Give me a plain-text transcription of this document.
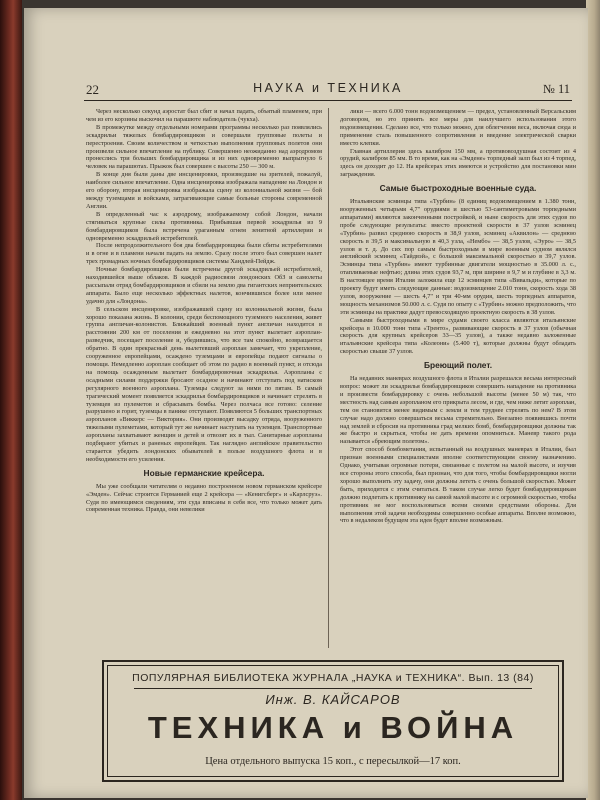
22	НАУКА и ТЕХНИКА	№ 11

Через несколько секунд аэростат был сбит и начал падать, объятый пламенем, при чем из его корзины выскочил на парашюте наблюдатель (чукха).

В промежутке между отдельными номерами программы несколько раз появлялись эскадрильи тяжелых бомбардировщиков и совершали групповые полеты и перестроения. Своим количеством и четкостью выполнения групповых полетов они произвели сильное впечатление на публику. Совершенно неожиданно над аэродромом пронеслись три больших бомбардировщика и из них одновременно выпрыгнуло 6 человек на парашютах. Прыжок был совершен с высоты 250 — 300 м.

В конце дня были даны две инсценировки, произведшие на зрителей, пожалуй, наиболее сильное впечатление. Одна инсценировка изображала нападение на Лондон и его оборону, вторая инсценировка изображала сцену из колониальной жизни — бой между туземцами и войсками, затрагивающие самые больные стороны современной Англии.

В определенный час к аэродрому, изображаемому собой Лондон, начали стягиваться крупные силы противника. Прибывшая первой эскадрилья из 9 бомбардировщиков была встречена ураганным огнем зенитной артиллерии и одновременно эскадрильей истребителей.

После непродолжительного боя два бомбардировщика были сбиты истребителями и в огне и в пламени начали падать на землю. Сразу после этого был совершен налет трех громадных ночных бомбардировщиков системы Хандлей-Пейдж.

Ночные бомбардировщики были встречены другой эскадрильей истребителей, находившейся выше облаков. В каждой радиосвязи лондонских ОбЗ и самолеты рассыпали отряд бомбардировщиков и сбили на землю два гигантских неприятельских аппарата. Было еще несколько эффектных налетов, кончившихся более или менее удачно для «Лондона».

В сельском инсценировке, изображавшей сцену из колониальной жизни, была хорошо показана жизнь. В колонии, среди беспомощного туземного населения, живет группа англичан-колонистов. Ближайший военный пункт англичан находится в расстоянии 200 км от поселения и ежедневно на этот пункт вылетает аэроплан-разведчик, посещает поселение и, убедившись, что все там спокойно, возвращается обратно. В один прекрасный день вылетевший аэроплан замечает, что укрепление, сооруженное европейцами, осаждено туземцами и европейцы подают сигналы о помощи. Немедленно аэроплан сообщает об этом по радио в военный пункт, и отсюда на помощь осажденным вылетает бомбардировочная эскадрилья. Аэропланы с осадными силами поддержки бросают осадное и начинают отступать под натиском регулярного военного аэроплана. Туземцы следуют за ними по пятам. В самый трагический момент появляется эскадрилья бомбардировщиков и начинает стрелять в туземцев из пулеметов и сбрасывать бомбы. Через полчаса все готово: селение разрушено и горит, туземцы в панике отступают. Появляются 5 больших транспортных аэропланов «Виккерс — Виктория». Они производят высадку отряда, вооруженного тяжелыми пулеметами, который тут же начинает наступать на туземцев. Транспортные аэропланы захватывают женщин и детей и отвозят их в тыл. Санитарные аэропланы подбирают убитых и раненых европейцев. Так наглядно английское правительство старается убедить лондонских обывателей в пользе воздушного флота и в необходимости его усиления.

Новые германские крейсера.

Мы уже сообщали читателям о недавно построенном новом германском крейсере «Эмден». Сейчас строится Германией еще 2 крейсера — «Кенигсберг» и «Карлсруэ». Судя по имеющимся сведениям, эти суда вписаны в себя все, что только может дать современная техника. Правда, они невелики

лики — всего 6.000 тонн водоизмещением — предел, установленный Версальским договором, но это принять все меры для наилучшего использования этого водоизмещения. Сделано все, что только можно, для облегчения веса, включая сюда и применение сталь повышенного сопротивления и введение электрической сварки вместо клепки.

Главная артиллерия здесь калибром 150 мм, а противовоздушная состоит из 4 орудий, калибром 85 мм. В то время, как на «Эмдене» торпедный залп был из 4 торпед, здесь он доходит до 12. На крейсерах этих имеются и устройство для постановки мин заграждения.

Самые быстроходные военные суда.

Итальянские эсминцы типа «Турбин» (8 единиц водоизмещением в 1.380 тонн, вооруженных четырьмя 4,7" орудиями и шестью 53-сантиметровыми торпедными аппаратами) являются законченными постройкой, и ныне скорость для этих судов по пробе следующие результаты: вместо проектной скорости в 37 узлов эсминец «Турбин» развил среднюю скорость в 38,9 узлов, эсминец «Аквилон» — среднюю скорость в 39,5 и максимальную в 40,3 узла, «Нембо» — 38,5 узлов, «Эуро» — 38,5 узлов и т. д. До сих пор самым быстроходным в мире военным судном являлся английский эсминец «Тайдвэй», с большой максимальной скоростью в 39,7 узлов. Эсминцы типа «Турбин» имеют турбинные двигатели мощностью в 35.000 л. с., отапливаемые нефтью; длина этих судов 93,7 м, при ширине в 9,7 м и глубине в 3,3 м. В настоящее время Италия заложила еще 12 эсминцев типа «Вивальди», которые по проекту будут иметь следующие данные: водоизмещение 2.010 тонн, скорость хода 38 узлов, вооружение — шесть 4,7" и три 40-мм орудия, шесть торпедных аппаратов, мощность механизмов 50.000 л. с. Судя по опыту с «Турбин» можно предположить, что эти эсминцы на практике дадут превосходящую проектную скорость в 38 узлов.

Самыми быстроходными в мире судами своего класса являются итальянские крейсера в 10.000 тонн типа «Тренто», развивающие скорость в 37 узлов (обычная скорость для крупных крейсеров 33—35 узлов), а также недавно заложенные итальянские крейсера типа «Колеони» (5.400 т), которые должны будут обладать скоростью свыше 37 узлов.

Бреющий полет.

На недавних маневрах воздушного флота в Италии разрешался весьма интересный вопрос: может ли эскадрилья бомбардировщиков совершить нападение на противника и произвести бомбардировку с очень небольшой высоты (менее 50 м) так, что местность над самым аэропланом его прикрыта лесом, и где, чем ниже летит аэроплан, тем он становится менее видимым с земли и тем труднее стрелять по нем? В этом случае надо должно совершаться весьма стремительно. Внезапно появившись почти над землей и сбросив на противника град мелких бомб, бомбардировщики должны так же быстро и скрыться, чтобы не дать времени опомниться. Маневр такого рода называется «бреющим полетом».

Этот способ бомбометания, испытанный на воздушных маневрах в Италии, был признан военными специалистами вполне соответствующим своему назначению. Однако, учитывая огромные потери, связанные с полетом на малой высоте, и изучив все стороны этого способа, был признан, что для того, чтобы бомбардировщики могли хорошо выполнить эту задачу, они должны лететь с очень большой скоростью. Может быть, приходится с этим считаться. В таком случае легко будет бомбардировщикам должно подлетать к противнику на самой малой высоте и с огромной скоростью, чтобы противник не мог воспользоваться всеми своими средствами обороны. Для выполнения этой задачи необходимы совершенно особые аппараты. Вполне возможно, что в недалеком будущем эта идея будет вполне возможным.

ПОПУЛЯРНАЯ БИБЛИОТЕКА ЖУРНАЛА „НАУКА и ТЕХНИКА“. Вып. 13 (84)
Инж. В. КАЙСАРОВ
ТЕХНИКА и ВОЙНА
Цена отдельного выпуска 15 коп., с пересылкой—17 коп.
